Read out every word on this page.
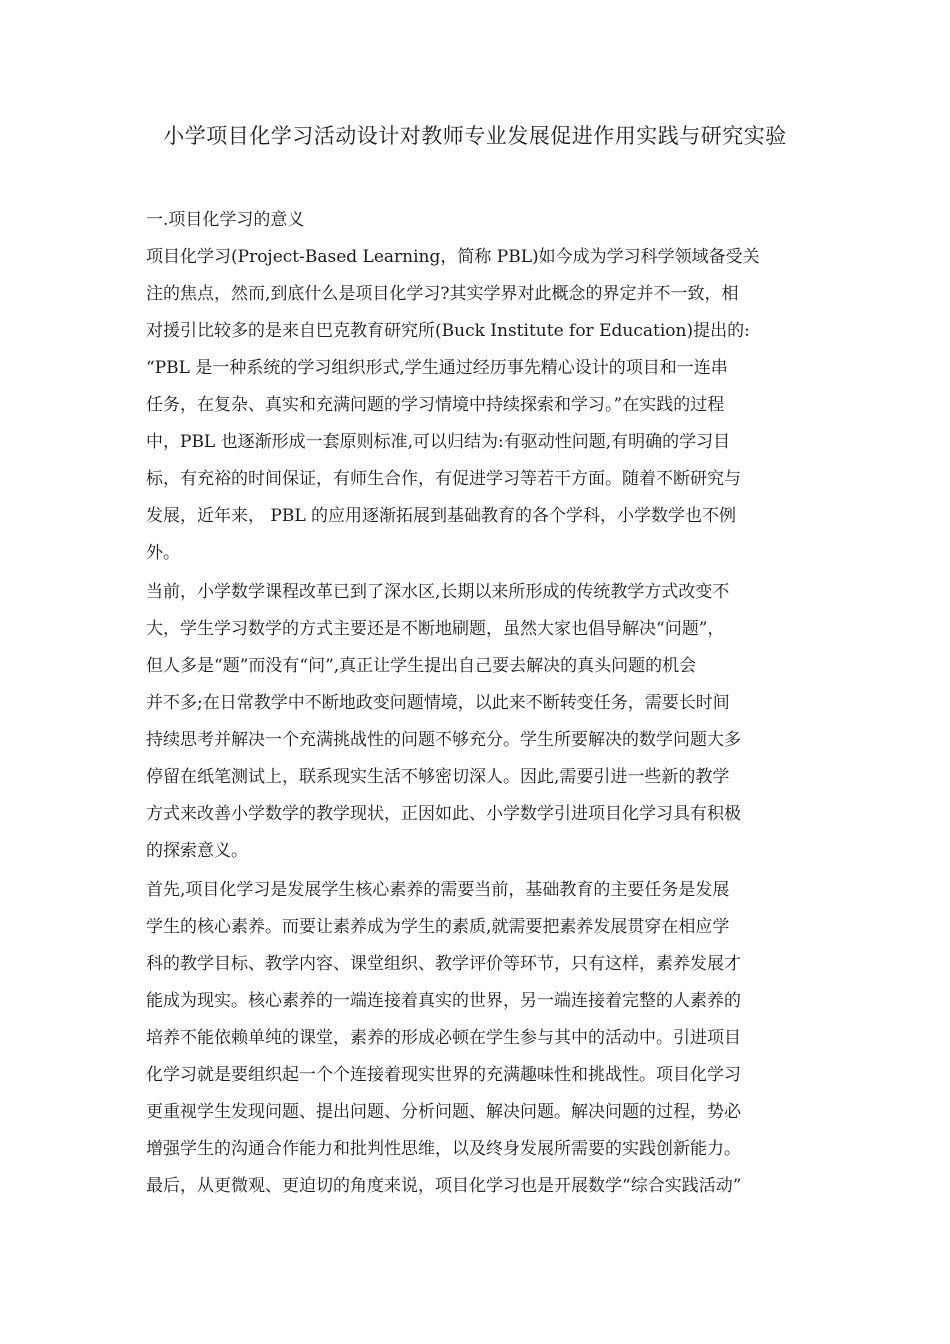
小学项目化学习活动设计对教师专业发展促进作用实践与研究实验
一.项目化学习的意义

项目化学习(Project-Based Learning，简称 PBL)如今成为学习科学领域备受关

注的焦点，然而,到底什么是项目化学习?其实学界对此概念的界定并不一致，相

对援引比较多的是来自巴克教育研究所(Buck Institute for Education)提出的:

“PBL 是一种系统的学习组织形式,学生通过经历事先精心设计的项目和一连串

任务，在复杂、真实和充满问题的学习情境中持续探索和学习。”在实践的过程

中，PBL 也逐渐形成一套原则标准,可以归结为:有驱动性问题,有明确的学习目

标，有充裕的时间保证，有师生合作，有促进学习等若干方面。随着不断研究与

发展，近年来， PBL 的应用逐渐拓展到基础教育的各个学科，小学数学也不例

外。

当前，小学数学课程改革已到了深水区,长期以来所形成的传统教学方式改变不

大，学生学习数学的方式主要还是不断地刷题，虽然大家也倡导解决“问题”，

但人多是“题”而没有“问”,真正让学生提出自己要去解决的真头问题的机会

并不多;在日常教学中不断地政变问题情境，以此来不断转变任务，需要长时间

持续思考并解决一个充满挑战性的问题不够充分。学生所要解决的数学问题大多

停留在纸笔测试上，联系现实生活不够密切深人。因此,需要引进一些新的教学

方式来改善小学数学的教学现状，正因如此、小学数学引进项目化学习具有积极

的探索意义。

首先,项目化学习是发展学生核心素养的需要当前，基础教育的主要任务是发展

学生的核心素养。而要让素养成为学生的素质,就需要把素养发展贯穿在相应学

科的教学目标、教学内容、课堂组织、教学评价等环节，只有这样，素养发展才

能成为现实。核心素养的一端连接着真实的世界，另一端连接着完整的人素养的

培养不能依赖单纯的课堂，素养的形成必顿在学生参与其中的活动中。引进项目

化学习就是要组织起一个个连接着现实世界的充满趣味性和挑战性。项目化学习

更重视学生发现问题、提出问题、分析问题、解决问题。解决问题的过程，势必

增强学生的沟通合作能力和批判性思维，以及终身发展所需要的实践创新能力。

最后，从更微观、更迫切的角度来说，项目化学习也是开展数学“综合实践活动”
